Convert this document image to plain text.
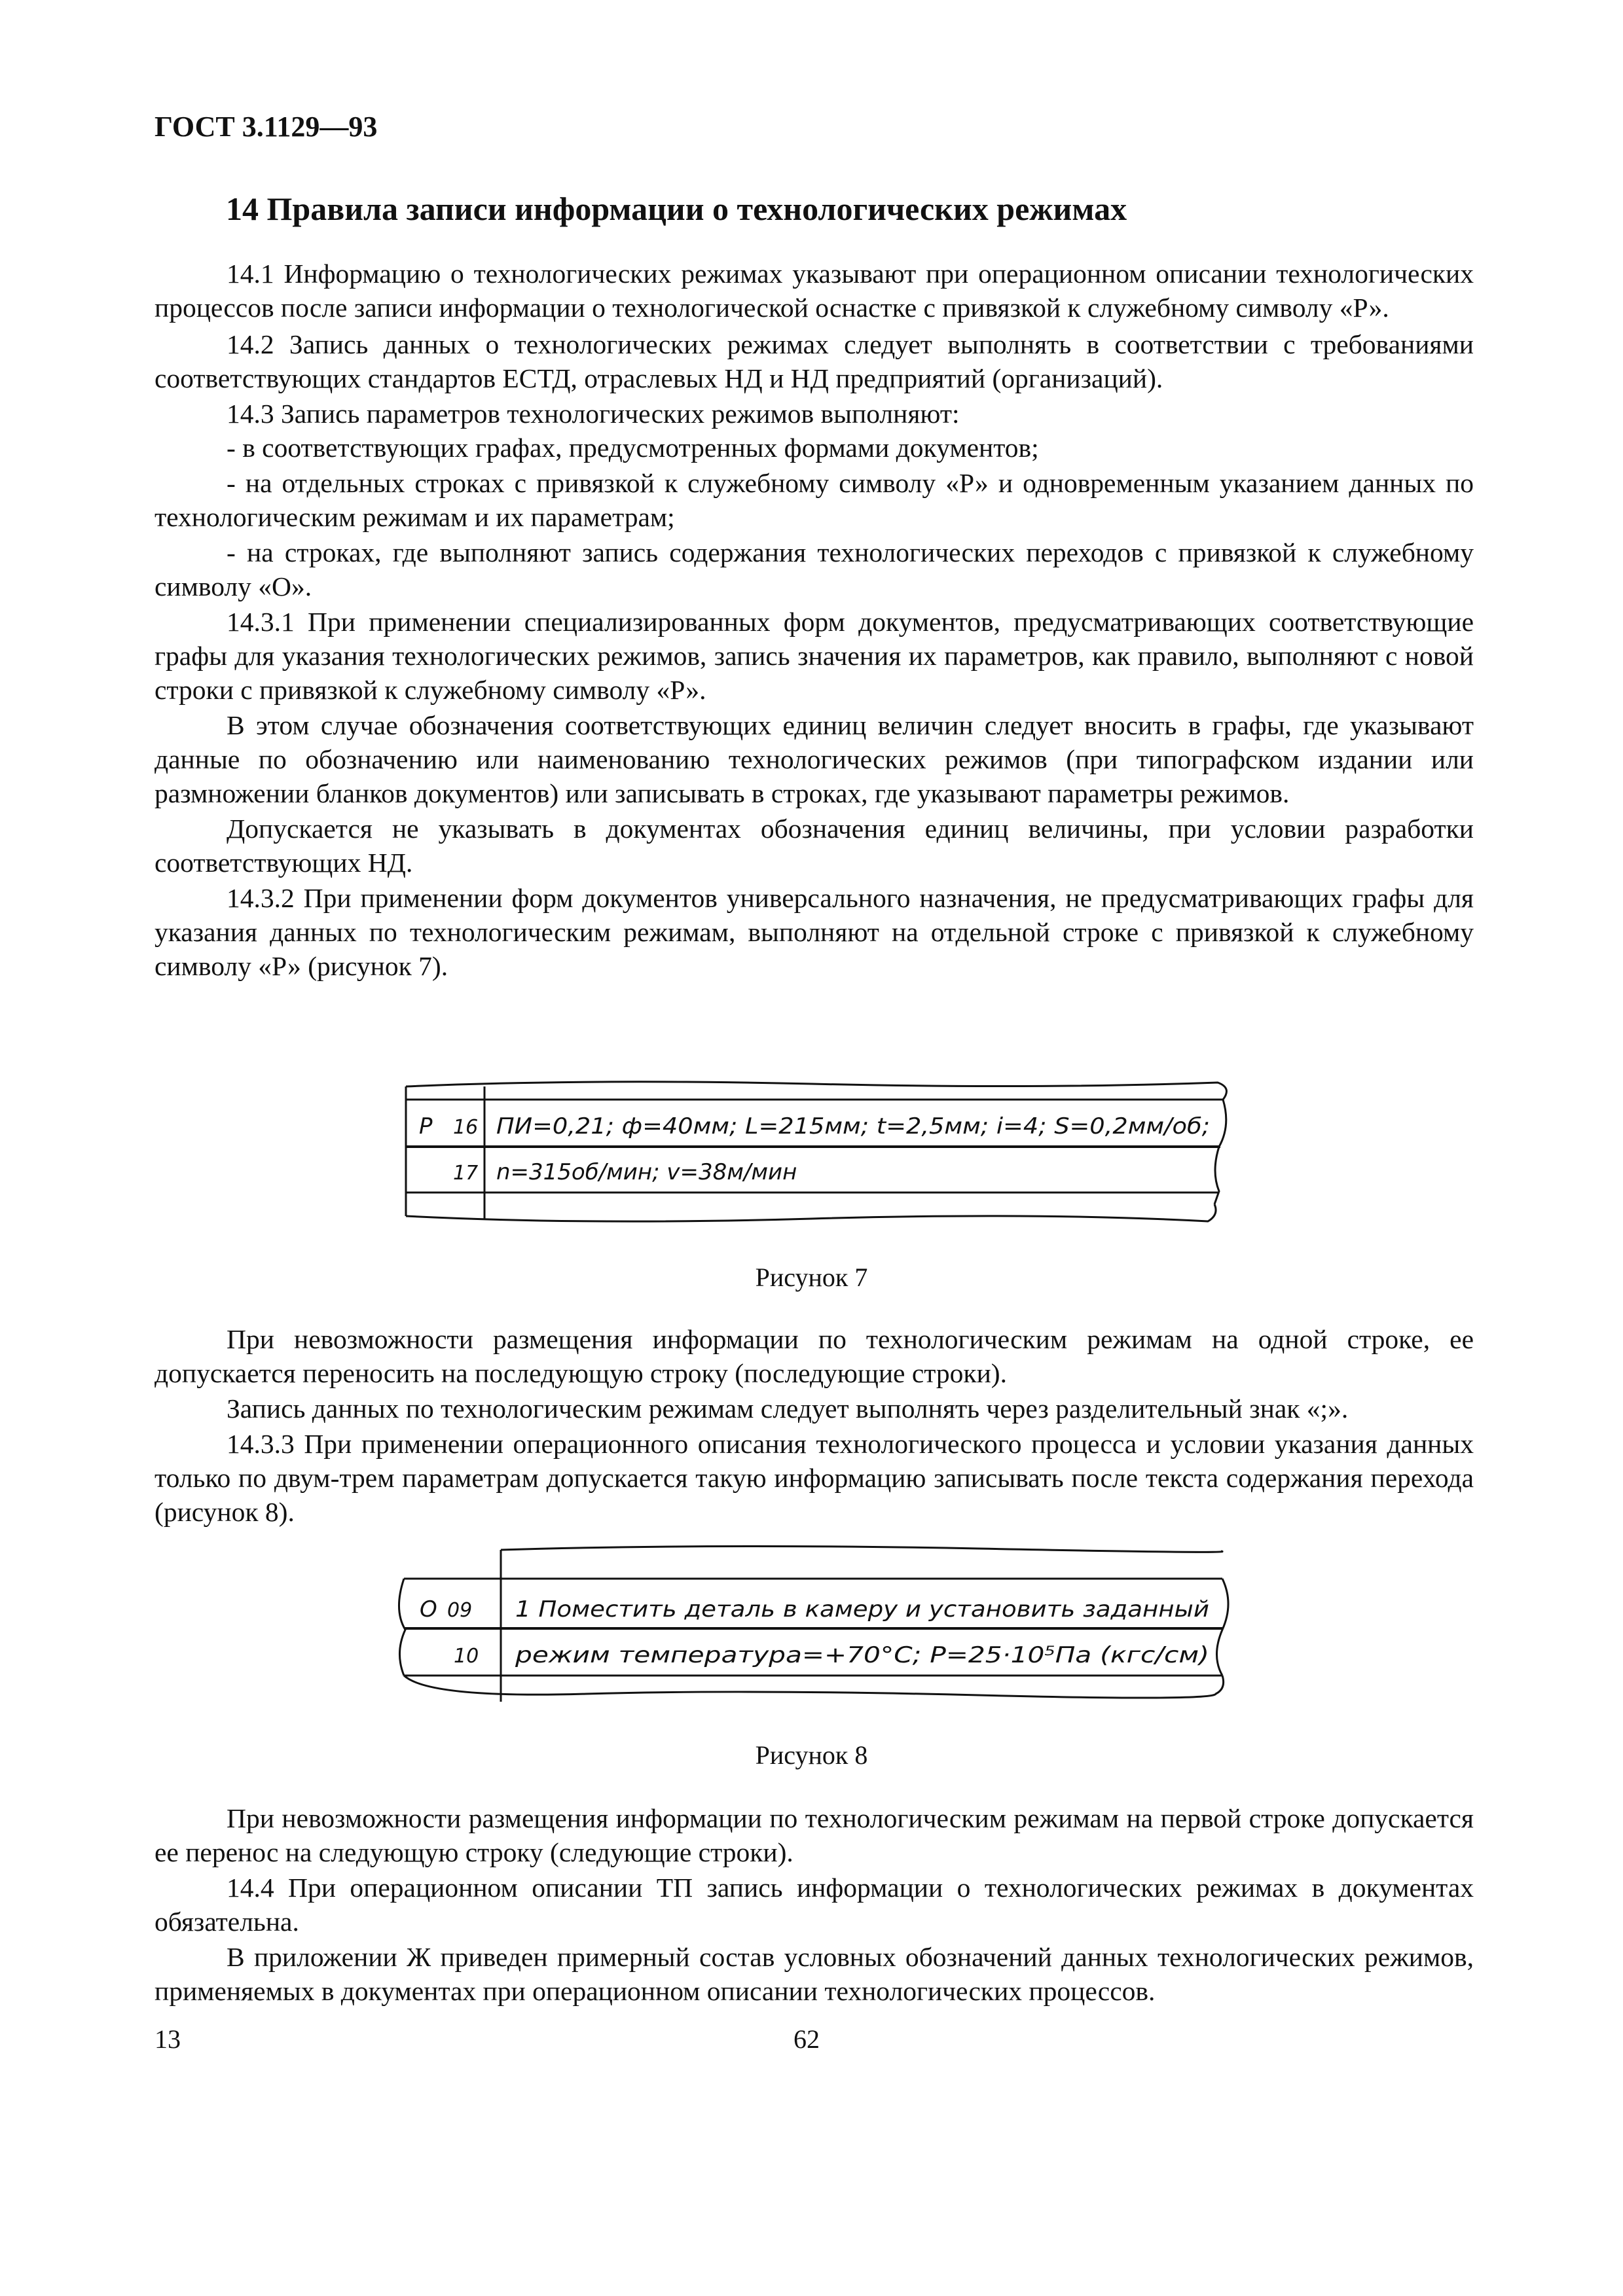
ГОСТ 3.1129—93
14 Правила записи информации о технологических режимах

14.1 Информацию о технологических режимах указывают при операционном описании технологических процессов после записи информации о технологической оснастке с привязкой к служебному символу «Р».

14.2 Запись данных о технологических режимах следует выполнять в соответствии с требованиями соответствующих стандартов ЕСТД, отраслевых НД и НД предприятий (организаций).

14.3 Запись параметров технологических режимов выполняют:

- в соответствующих графах, предусмотренных формами документов;

- на отдельных строках с привязкой к служебному символу «Р» и одновременным указанием данных по технологическим режимам и их параметрам;

- на строках, где выполняют запись содержания технологических переходов с привязкой к служебному символу «О».

14.3.1 При применении специализированных форм документов, предусматривающих соответствующие графы для указания технологических режимов, запись значения их параметров, как правило, выполняют с новой строки с привязкой к служебному символу «Р».

В этом случае обозначения соответствующих единиц величин следует вносить в графы, где указывают данные по обозначению или наименованию технологических режимов (при типографском издании или размножении бланков документов) или записывать в строках, где указывают параметры режимов.

Допускается не указывать в документах обозначения единиц величины, при условии разработки соответствующих НД.

14.3.2 При применении форм документов универсального назначения, не предусматривающих графы для указания данных по технологическим режимам, выполняют на отдельной строке с привязкой к служебному символу «Р» (рисунок 7).

Р 16 ПИ=0,21; ф=40мм; L=215мм; t=2,5мм; i=4; S=0,2мм/об;
17 n=315об/мин; v=38м/мин
Рисунок 7

При невозможности размещения информации по технологическим режимам на одной строке, ее допускается переносить на последующую строку (последующие строки).

Запись данных по технологическим режимам следует выполнять через разделительный знак «;».

14.3.3 При применении операционного описания технологического процесса и условии указания данных только по двум-трем параметрам допускается такую информацию записывать после текста содержания перехода (рисунок 8).

О 09 1 Поместить деталь в камеру и установить заданный
10 режим температура=+70°С; Р=25·10⁵Па (кгс/см)
Рисунок 8

При невозможности размещения информации по технологическим режимам на первой строке допускается ее перенос на следующую строку (следующие строки).

14.4 При операционном описании ТП запись информации о технологических режимах в документах обязательна.

В приложении Ж приведен примерный состав условных обозначений данных технологических режимов, применяемых в документах при операционном описании технологических процессов.

13	62
